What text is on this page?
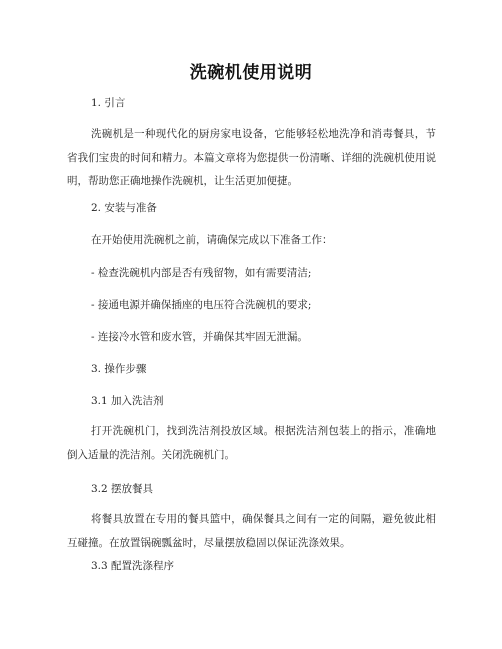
洗碗机使用说明
1. 引言
洗碗机是一种现代化的厨房家电设备，它能够轻松地洗净和消毒餐具，节省我们宝贵的时间和精力。本篇文章将为您提供一份清晰、详细的洗碗机使用说明，帮助您正确地操作洗碗机，让生活更加便捷。
2. 安装与准备
在开始使用洗碗机之前，请确保完成以下准备工作：
- 检查洗碗机内部是否有残留物，如有需要清洁;
- 接通电源并确保插座的电压符合洗碗机的要求;
- 连接冷水管和废水管，并确保其牢固无泄漏。
3. 操作步骤
3.1 加入洗洁剂
打开洗碗机门，找到洗洁剂投放区域。根据洗洁剂包装上的指示，准确地倒入适量的洗洁剂。关闭洗碗机门。
3.2 摆放餐具
将餐具放置在专用的餐具篮中，确保餐具之间有一定的间隔，避免彼此相互碰撞。在放置锅碗瓢盆时，尽量摆放稳固以保证洗涤效果。
3.3 配置洗涤程序
